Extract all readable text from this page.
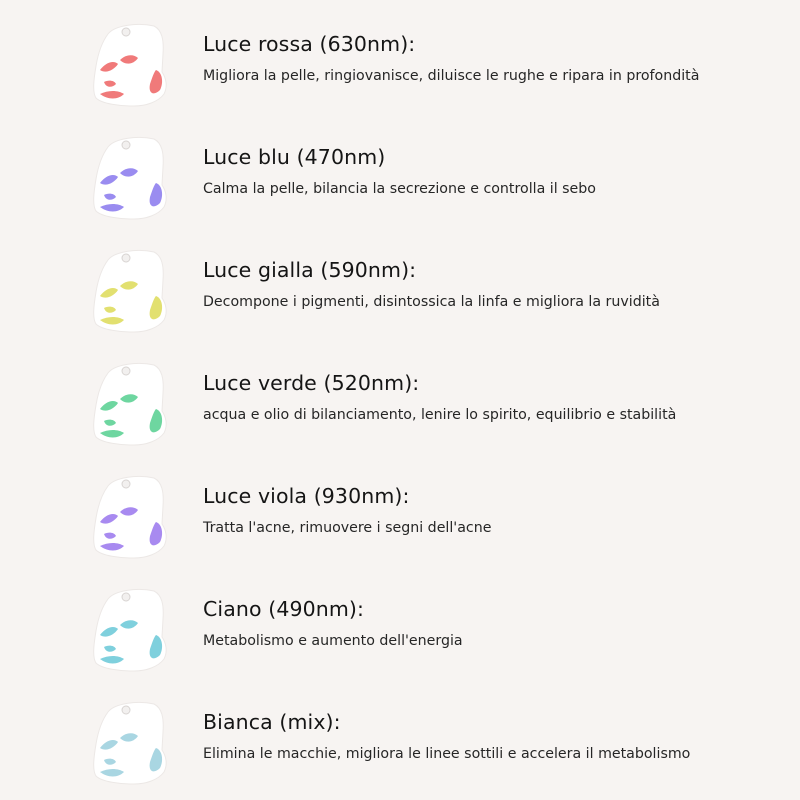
Luce rossa (630nm):
Migliora la pelle, ringiovanisce, diluisce le rughe e ripara in profondità
Luce blu (470nm)
Calma la pelle, bilancia la secrezione e controlla il sebo
Luce gialla (590nm):
Decompone i pigmenti, disintossica la linfa e migliora la ruvidità
Luce verde (520nm):
acqua e olio di bilanciamento, lenire lo spirito, equilibrio e stabilità
Luce viola (930nm):
Tratta l'acne, rimuovere i segni dell'acne
Ciano (490nm):
Metabolismo e aumento dell'energia
Bianca (mix):
Elimina le macchie, migliora le linee sottili e accelera il metabolismo
